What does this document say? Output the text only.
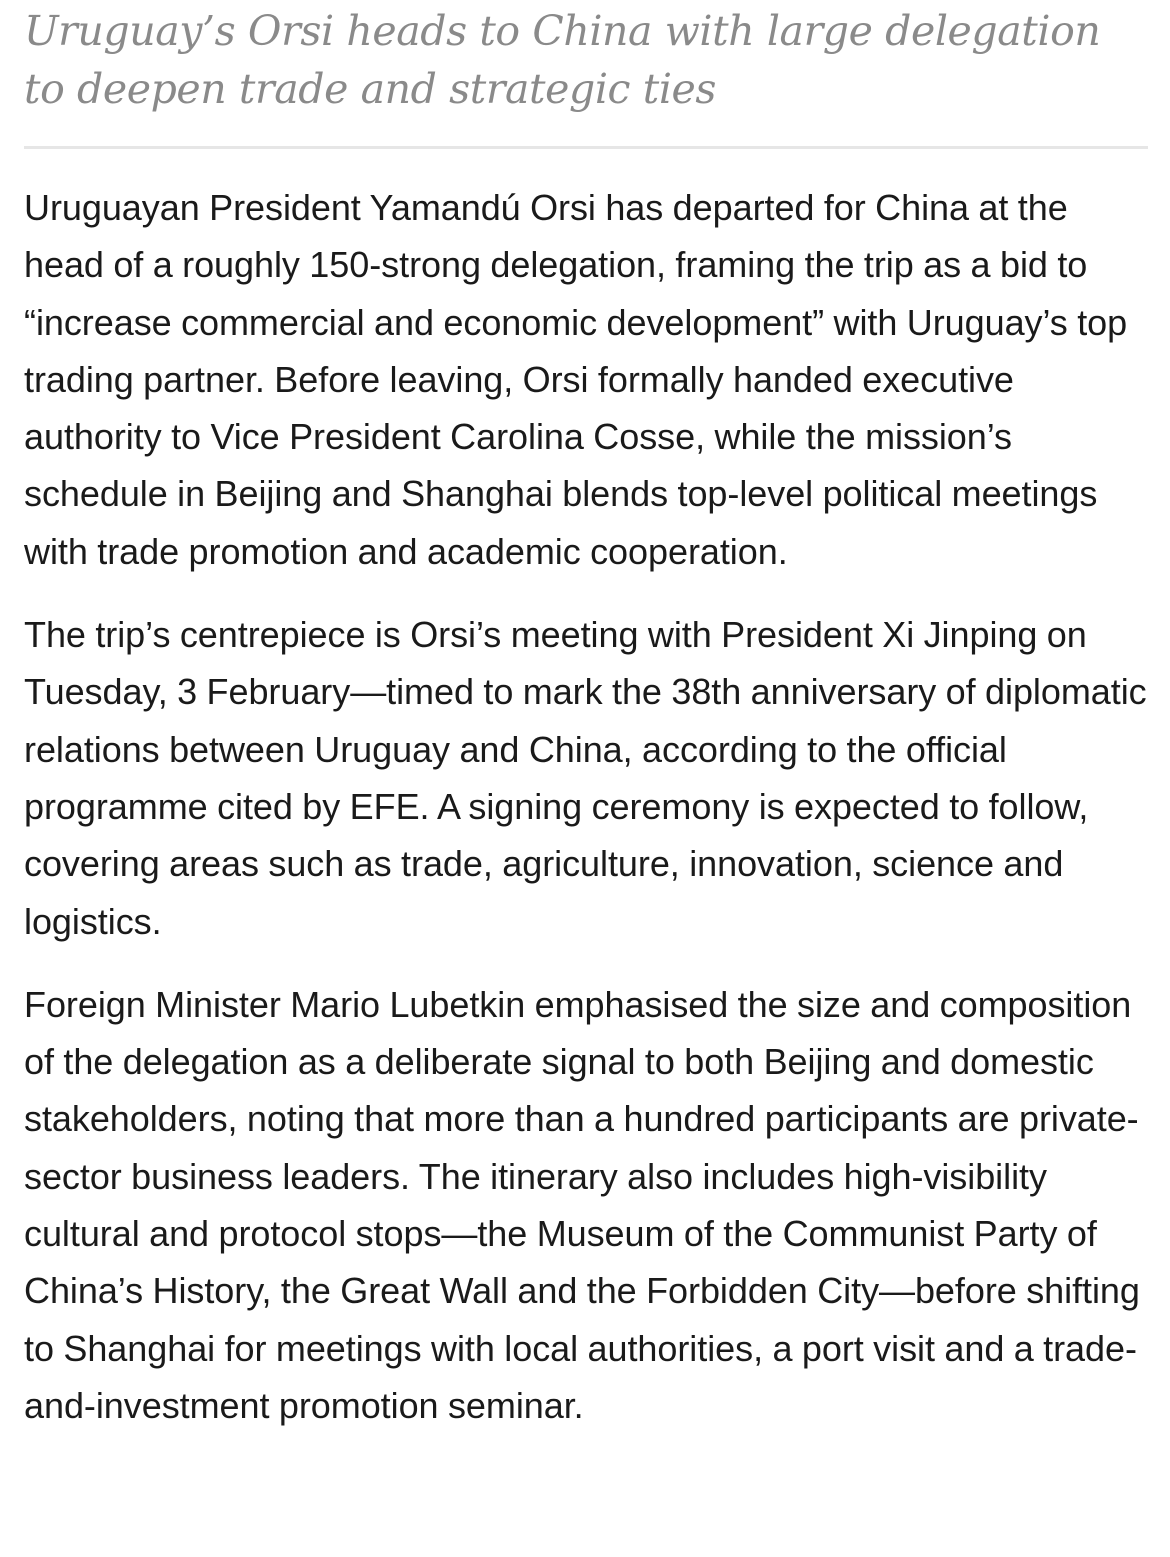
Uruguay’s Orsi heads to China with large delegation to deepen trade and strategic ties

Uruguayan President Yamandú Orsi has departed for China at the head of a roughly 150-strong delegation, framing the trip as a bid to “increase commercial and economic development” with Uruguay’s top trading partner. Before leaving, Orsi formally handed executive authority to Vice President Carolina Cosse, while the mission’s schedule in Beijing and Shanghai blends top-level political meetings with trade promotion and academic cooperation.

The trip’s centrepiece is Orsi’s meeting with President Xi Jinping on Tuesday, 3 February—timed to mark the 38th anniversary of diplomatic relations between Uruguay and China, according to the official programme cited by EFE. A signing ceremony is expected to follow, covering areas such as trade, agriculture, innovation, science and logistics.

Foreign Minister Mario Lubetkin emphasised the size and composition of the delegation as a deliberate signal to both Beijing and domestic stakeholders, noting that more than a hundred participants are private-sector business leaders. The itinerary also includes high-visibility cultural and protocol stops—the Museum of the Communist Party of China’s History, the Great Wall and the Forbidden City—before shifting to Shanghai for meetings with local authorities, a port visit and a trade-and-investment promotion seminar.
